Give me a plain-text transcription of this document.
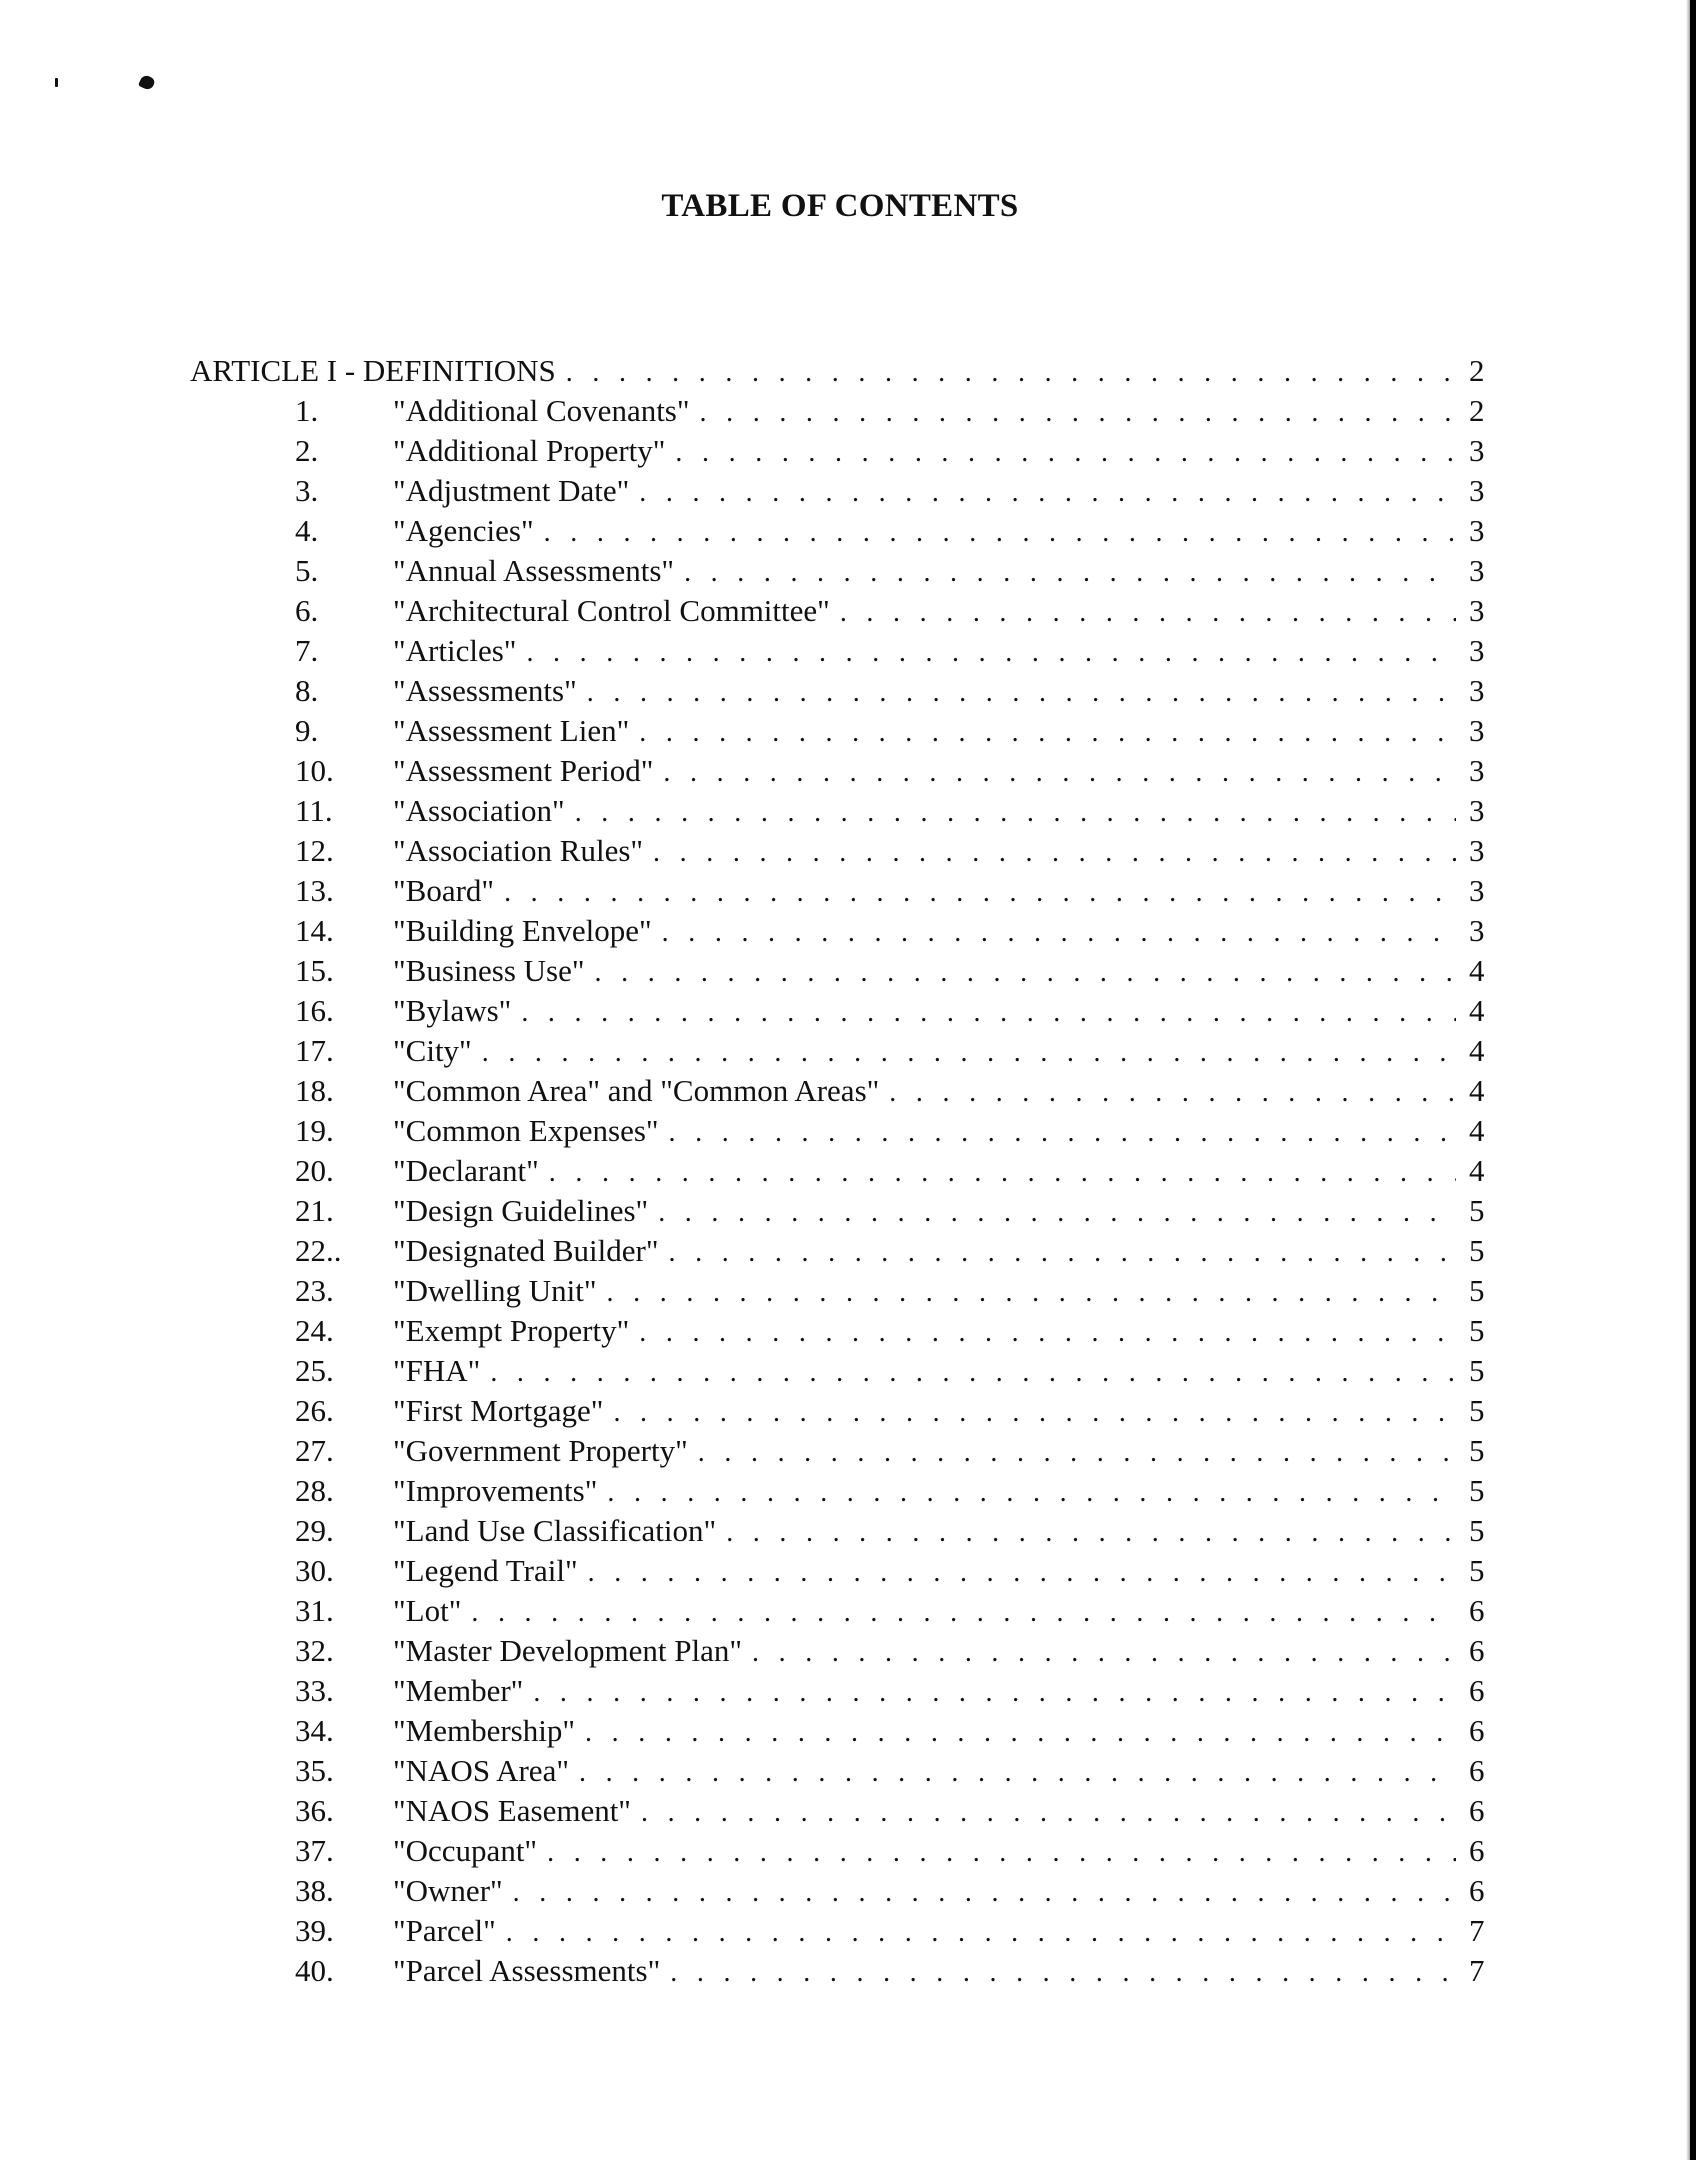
TABLE OF CONTENTS
ARTICLE I - DEFINITIONS . . .	2
1. "Additional Covenants" . . .	2
2. "Additional Property" . . .	3
3. "Adjustment Date" . . .	3
4. "Agencies" . . .	3
5. "Annual Assessments" . . .	3
6. "Architectural Control Committee" . . .	3
7. "Articles" . . .	3
8. "Assessments" . . .	3
9. "Assessment Lien" . . .	3
10. "Assessment Period" . . .	3
11. "Association" . . .	3
12. "Association Rules" . . .	3
13. "Board" . . .	3
14. "Building Envelope" . . .	3
15. "Business Use" . . .	4
16. "Bylaws" . . .	4
17. "City" . . .	4
18. "Common Area" and "Common Areas" . . .	4
19. "Common Expenses" . . .	4
20. "Declarant" . . .	4
21. "Design Guidelines" . . .	5
22.. "Designated Builder" . . .	5
23. "Dwelling Unit" . . .	5
24. "Exempt Property" . . .	5
25. "FHA" . . .	5
26. "First Mortgage" . . .	5
27. "Government Property" . . .	5
28. "Improvements" . . .	5
29. "Land Use Classification" . . .	5
30. "Legend Trail" . . .	5
31. "Lot" . . .	6
32. "Master Development Plan" . . .	6
33. "Member" . . .	6
34. "Membership" . . .	6
35. "NAOS Area" . . .	6
36. "NAOS Easement" . . .	6
37. "Occupant" . . .	6
38. "Owner" . . .	6
39. "Parcel" . . .	7
40. "Parcel Assessments" . . .	7
